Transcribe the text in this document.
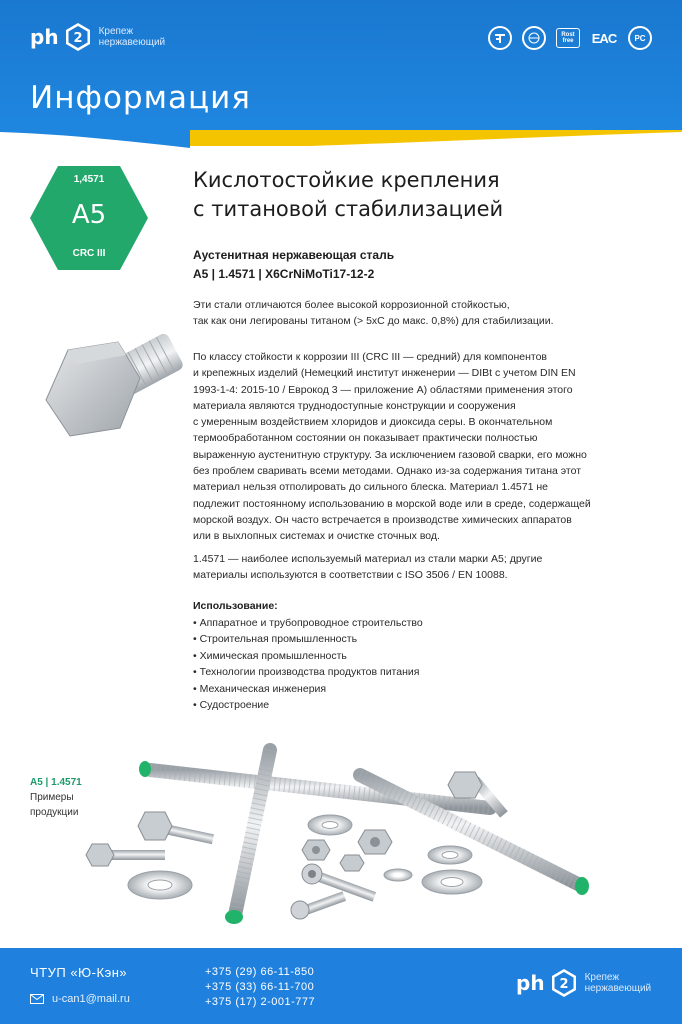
ph 2 Крепеж
нержавеющий
Rost free	EAC	PC
Информация
1,4571
A5
CRC III
Кислотостойкие крепления
с титановой стабилизацией
Аустенитная нержавеющая сталь
A5 | 1.4571 | X6CrNiMoTi17-12-2
Эти стали отличаются более высокой коррозионной стойкостью,
так как они легированы титаном (> 5xC до макс. 0,8%) для стабилизации.
По классу стойкости к коррозии III (CRC III — средний) для компонентов
и крепежных изделий (Немецкий институт инженерии — DIBt с учетом DIN EN
1993-1-4: 2015-10 / Еврокод 3 — приложение А) областями применения этого
материала являются труднодоступные конструкции и сооружения
с умеренным воздействием хлоридов и диоксида серы. В окончательном
термообработанном состоянии он показывает практически полностью
выраженную аустенитную структуру. За исключением газовой сварки, его можно
без проблем сваривать всеми методами. Однако из-за содержания титана этот
материал нельзя отполировать до сильного блеска. Материал 1.4571 не
подлежит постоянному использованию в морской воде или в среде, содержащей
морской воздух. Он часто встречается в производстве химических аппаратов
или в выхлопных системах и очистке сточных вод.
1.4571 — наиболее используемый материал из стали марки А5; другие
материалы используются в соответствии с ISO 3506 / EN 10088.
Использование:
• Аппаратное и трубопроводное строительство
• Строительная промышленность
• Химическая промышленность
• Технологии производства продуктов питания
• Механическая инженерия
• Судостроение
A5 | 1.4571
Примеры
продукции
ЧТУП «Ю-Кэн»
u-can1@mail.ru
+375 (29) 66-11-850
+375 (33) 66-11-700
+375 (17) 2-001-777
ph 2 Крепеж
нержавеющий
